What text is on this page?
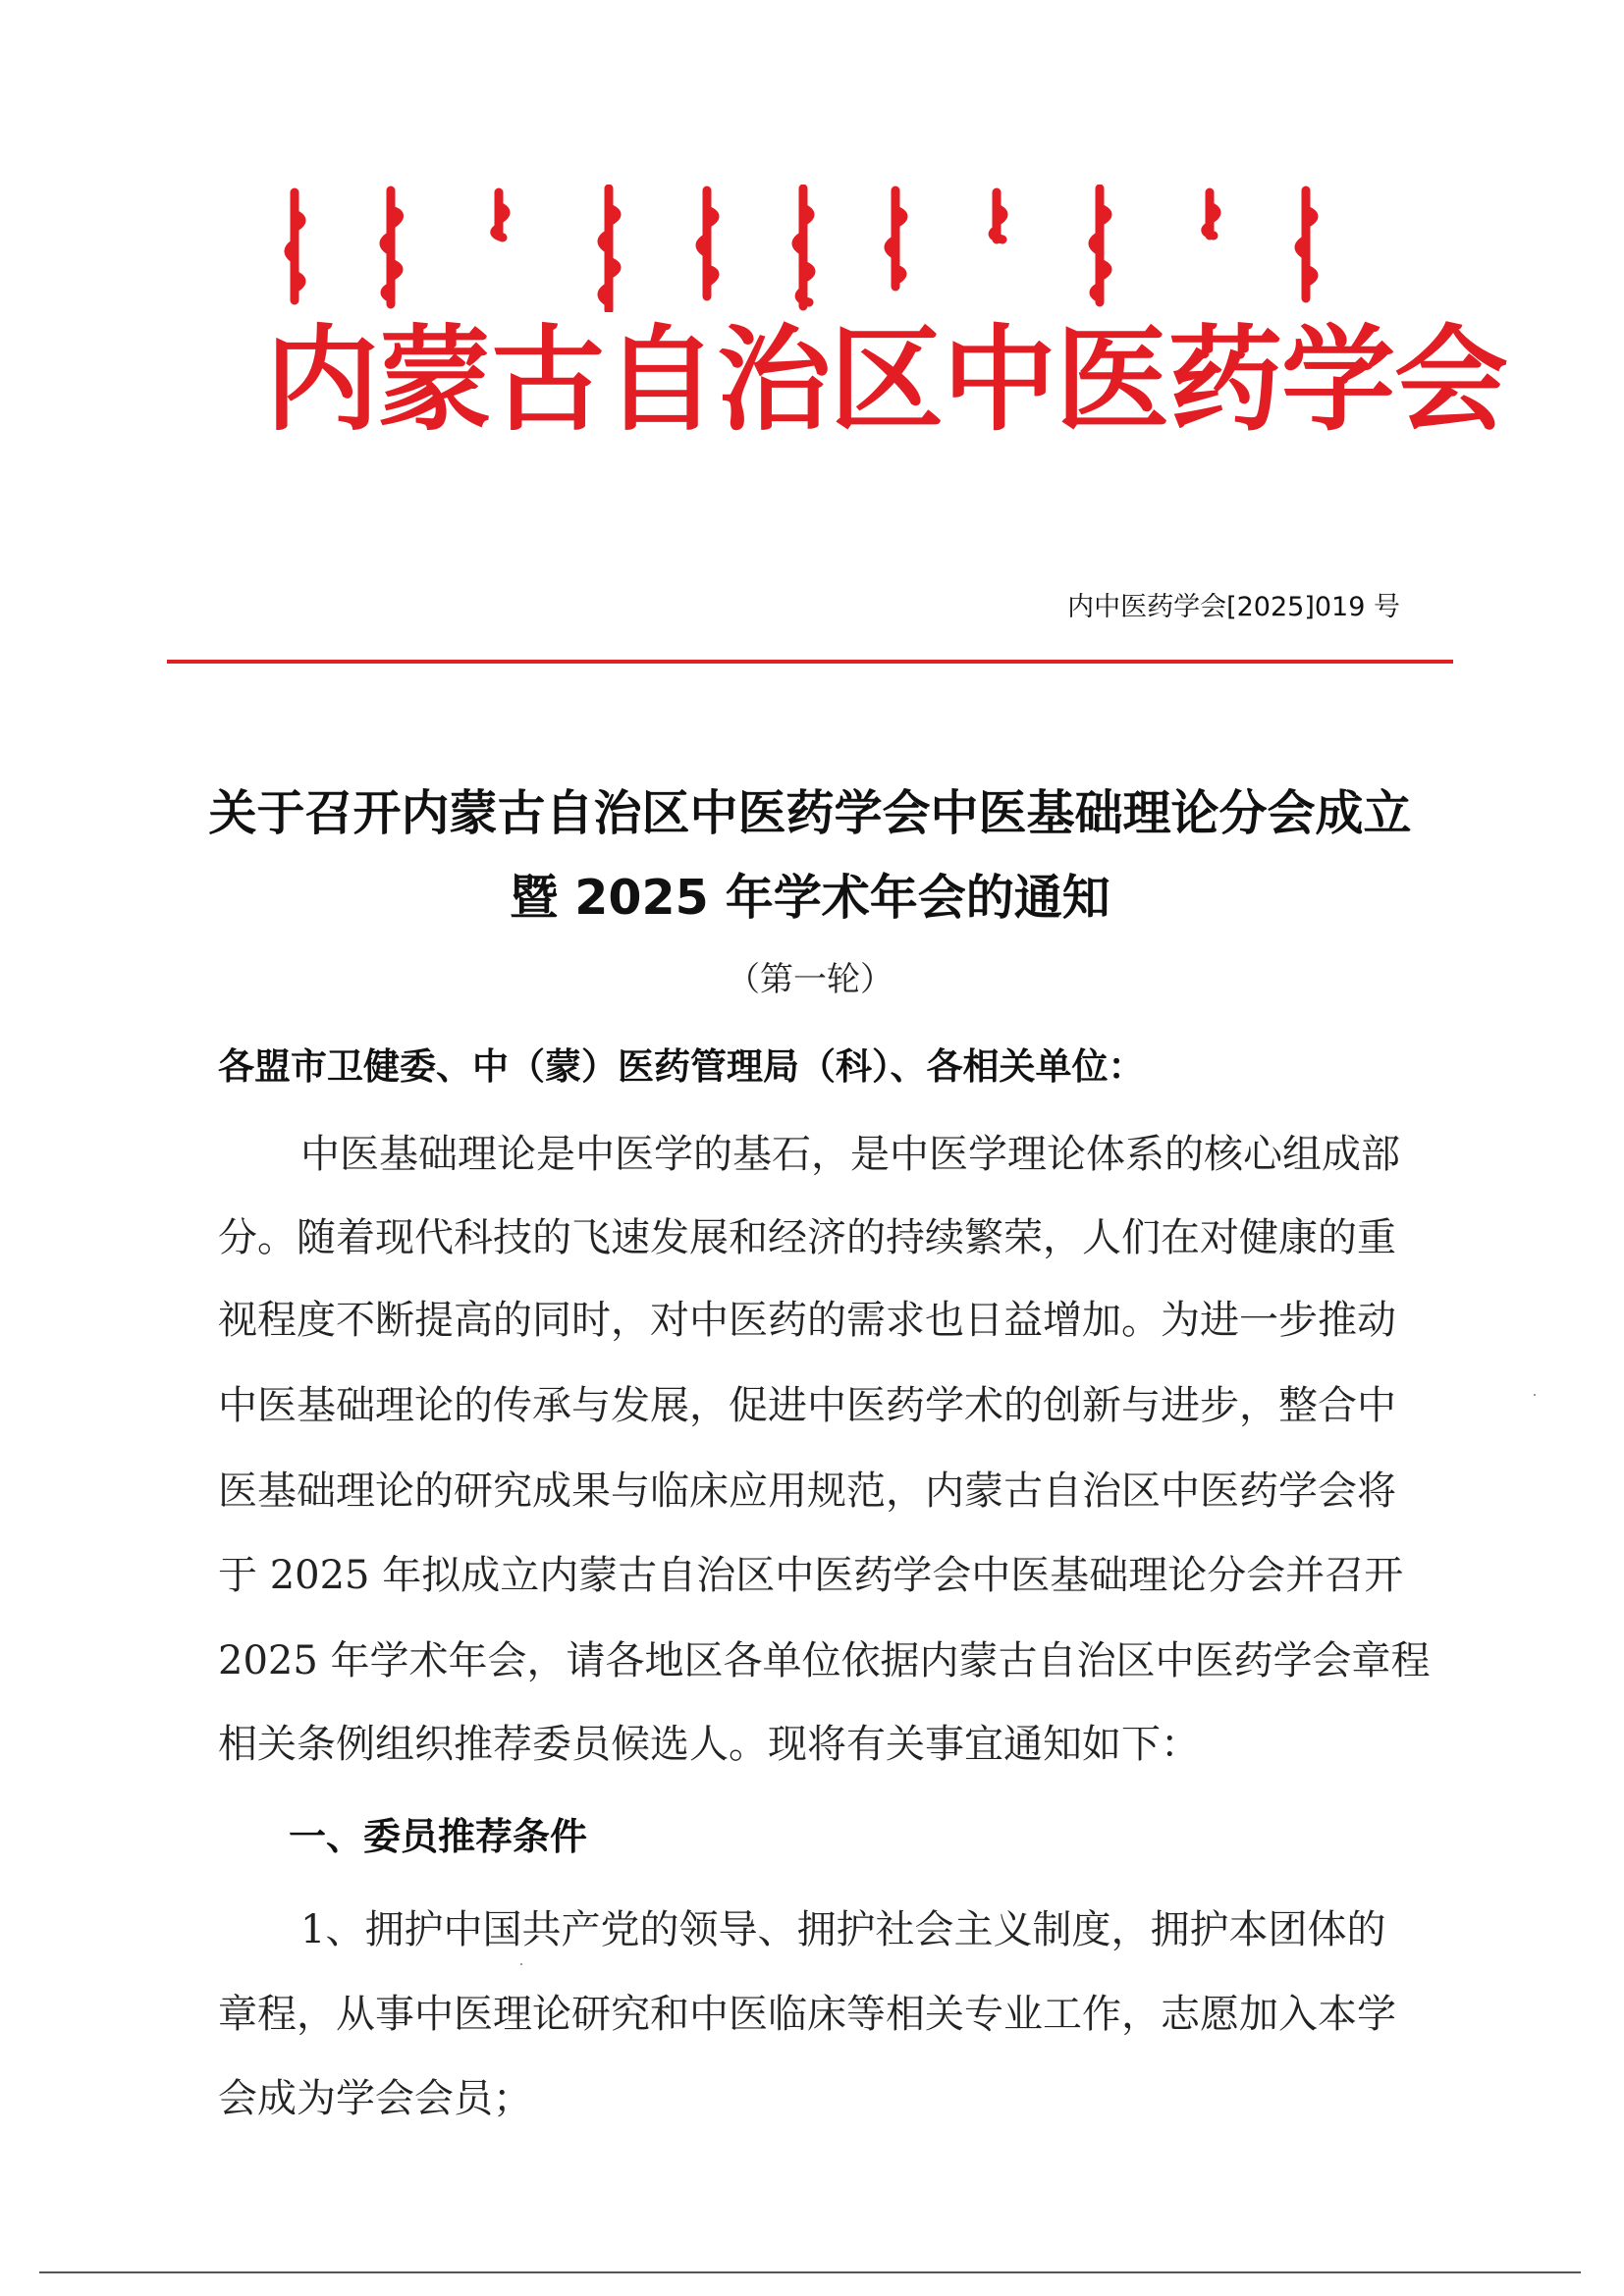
内蒙古自治区中医药学会
内中医药学会[2025]019 号
关于召开内蒙古自治区中医药学会中医基础理论分会成立
暨 2025 年学术年会的通知
（第一轮）
各盟市卫健委、中（蒙）医药管理局（科）、各相关单位：
中医基础理论是中医学的基石，是中医学理论体系的核心组成部
分。随着现代科技的飞速发展和经济的持续繁荣，人们在对健康的重
视程度不断提高的同时，对中医药的需求也日益增加。为进一步推动
中医基础理论的传承与发展，促进中医药学术的创新与进步，整合中
医基础理论的研究成果与临床应用规范，内蒙古自治区中医药学会将
于 2025 年拟成立内蒙古自治区中医药学会中医基础理论分会并召开
2025 年学术年会，请各地区各单位依据内蒙古自治区中医药学会章程
相关条例组织推荐委员候选人。现将有关事宜通知如下：
一、委员推荐条件
1、拥护中国共产党的领导、拥护社会主义制度，拥护本团体的
章程，从事中医理论研究和中医临床等相关专业工作，志愿加入本学
会成为学会会员；
